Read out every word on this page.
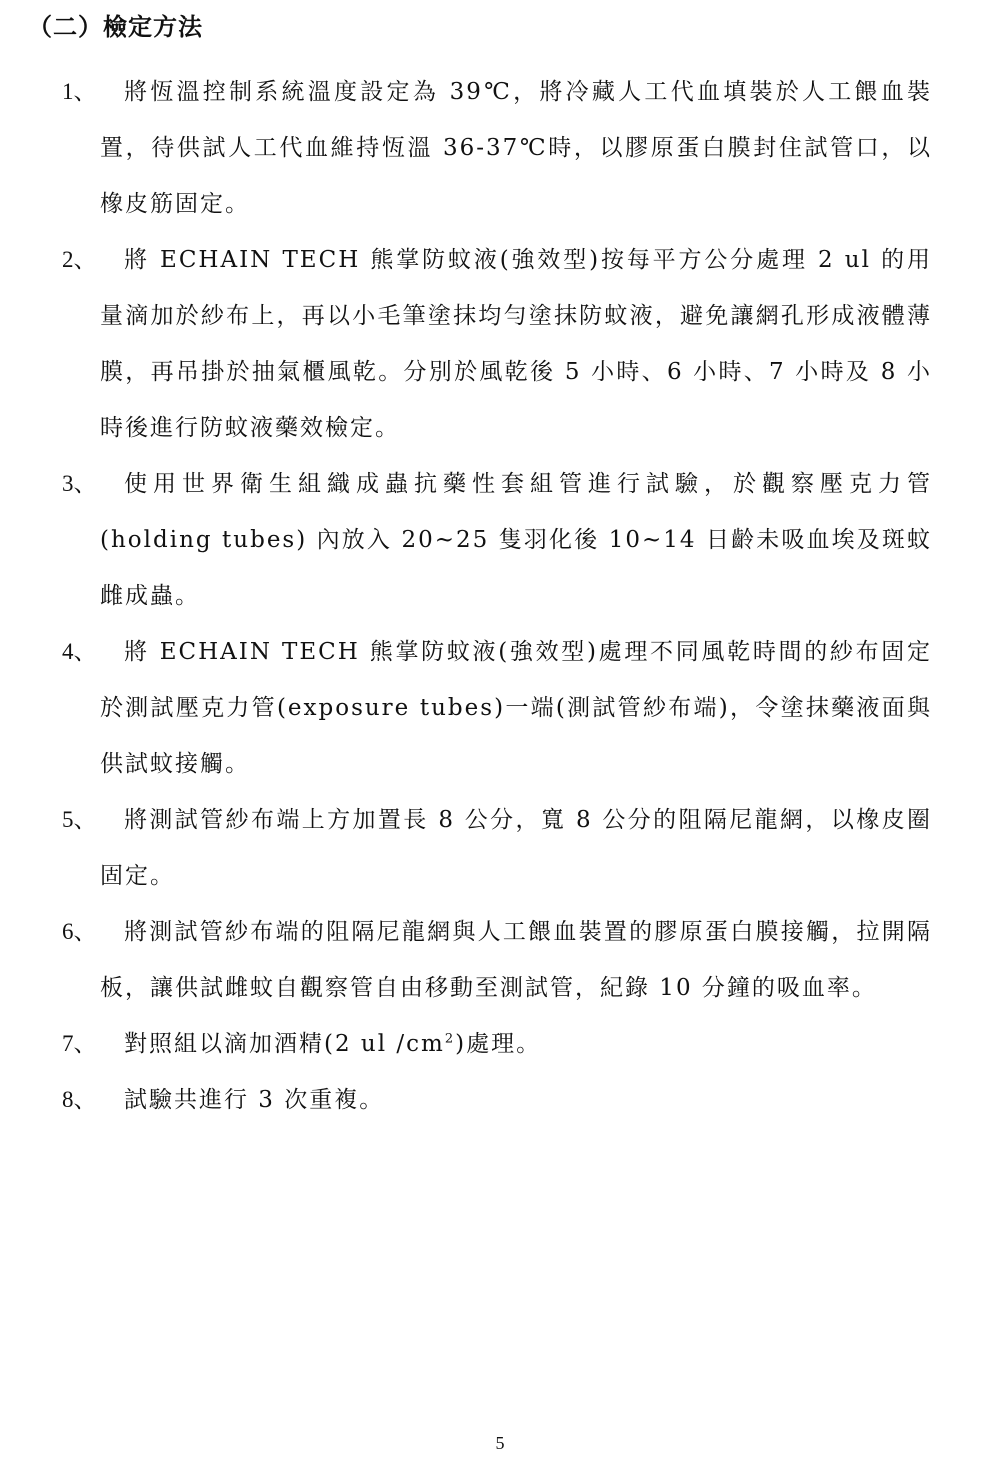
（二）檢定方法
1、	將恆溫控制系統溫度設定為 39℃，將冷藏人工代血填裝於人工餵血裝置，待供試人工代血維持恆溫 36-37℃時，以膠原蛋白膜封住試管口，以橡皮筋固定。
2、	將 ECHAIN TECH 熊掌防蚊液(強效型)按每平方公分處理 2 ul 的用量滴加於紗布上，再以小毛筆塗抹均勻塗抹防蚊液，避免讓網孔形成液體薄膜，再吊掛於抽氣櫃風乾。分別於風乾後 5 小時、6 小時、7 小時及 8 小時後進行防蚊液藥效檢定。
3、	使用世界衛生組織成蟲抗藥性套組管進行試驗，於觀察壓克力管(holding tubes) 內放入 20~25 隻羽化後 10~14 日齡未吸血埃及斑蚊雌成蟲。
4、	將 ECHAIN TECH 熊掌防蚊液(強效型)處理不同風乾時間的紗布固定於測試壓克力管(exposure tubes)一端(測試管紗布端)，令塗抹藥液面與供試蚊接觸。
5、	將測試管紗布端上方加置長 8 公分，寬 8 公分的阻隔尼龍網，以橡皮圈固定。
6、	將測試管紗布端的阻隔尼龍網與人工餵血裝置的膠原蛋白膜接觸，拉開隔板，讓供試雌蚊自觀察管自由移動至測試管，紀錄 10 分鐘的吸血率。
7、	對照組以滴加酒精(2 ul $/cm^2$)處理。
8、	試驗共進行 3 次重複。
5
